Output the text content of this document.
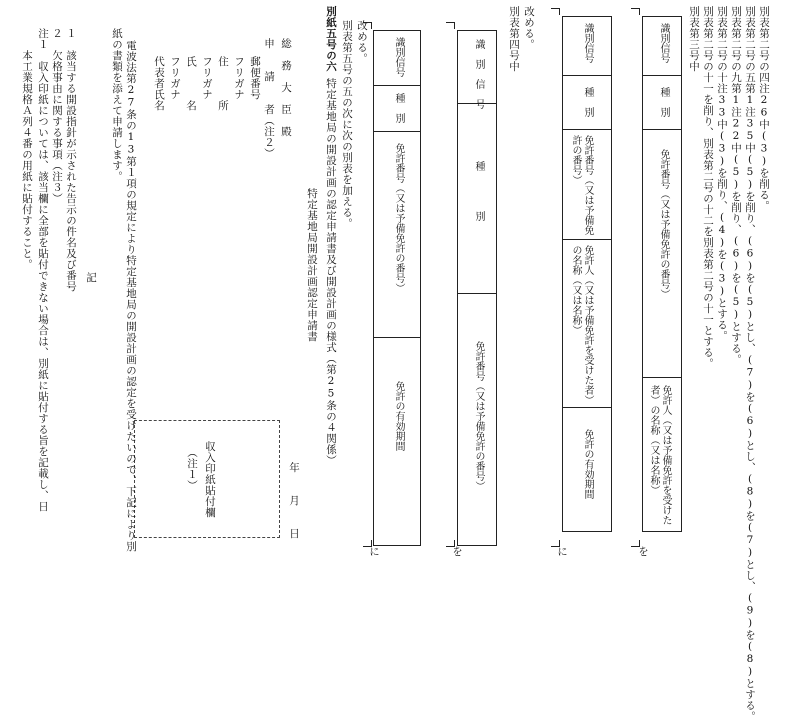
別表第三号中 別表第二号の十一を削り、別表第二号の十二を別表第二号の十一とする。 別表第二号の十注33中(3)を削り、(4)を(3)とする。 別表第二号の九第1注22中(5)を削り、(6)を(5)とする。 別表第二号の五第1注35中(5)を削り、(6)を(5)とし、(7)を(6)とし、(8)を(7)とし、(9)を(8)とする。 別表第二号の四注26中(3)を削る。
識別信号
種　別
免許番号（又は予備免許の番号）
免許人（又は予備免許を受けた者）の名称（又は名称）
を
識別信号
種　別
免許番号（又は予備免許の番号）
免許人（又は予備免許を受けた者）の名称（又は名称）
免許の有効期間
に
改める。
別表第四号中
識　別　信　号
種　　　　別
免許番号（又は予備免許の番号）
を
識別信号
種　別
免許番号（又は予備免許の番号）
免許の有効期間
に
改める。
別表第五号の五の次に次の別表を加える。
別紙五号の六特定基地局の開設計画の認定申請書及び開設計画の様式（第25条の４関係）
特定基地局開設計画認定申請書
年　　月　　日
収入印紙貼付欄
（注１）
総　務　大　臣　殿
申　　請　　者（注２）
郵便番号
フリガナ
住　　　所
フリガナ
氏　　　名
フリガナ
代表者氏名
電波法第27条の13第１項の規定により特定基地局の開設計画の認定を受けたいので、下記により別
紙の書類を添えて申請します。
記
１　該当する開設指針が示された告示の件名及び番号
２　欠格事由に関する事項（注３）
注１　収入印紙については、該当欄に全部を貼付できない場合は、別紙に貼付する旨を記載し、日
　　本工業規格Ａ列４番の用紙に貼付すること。
